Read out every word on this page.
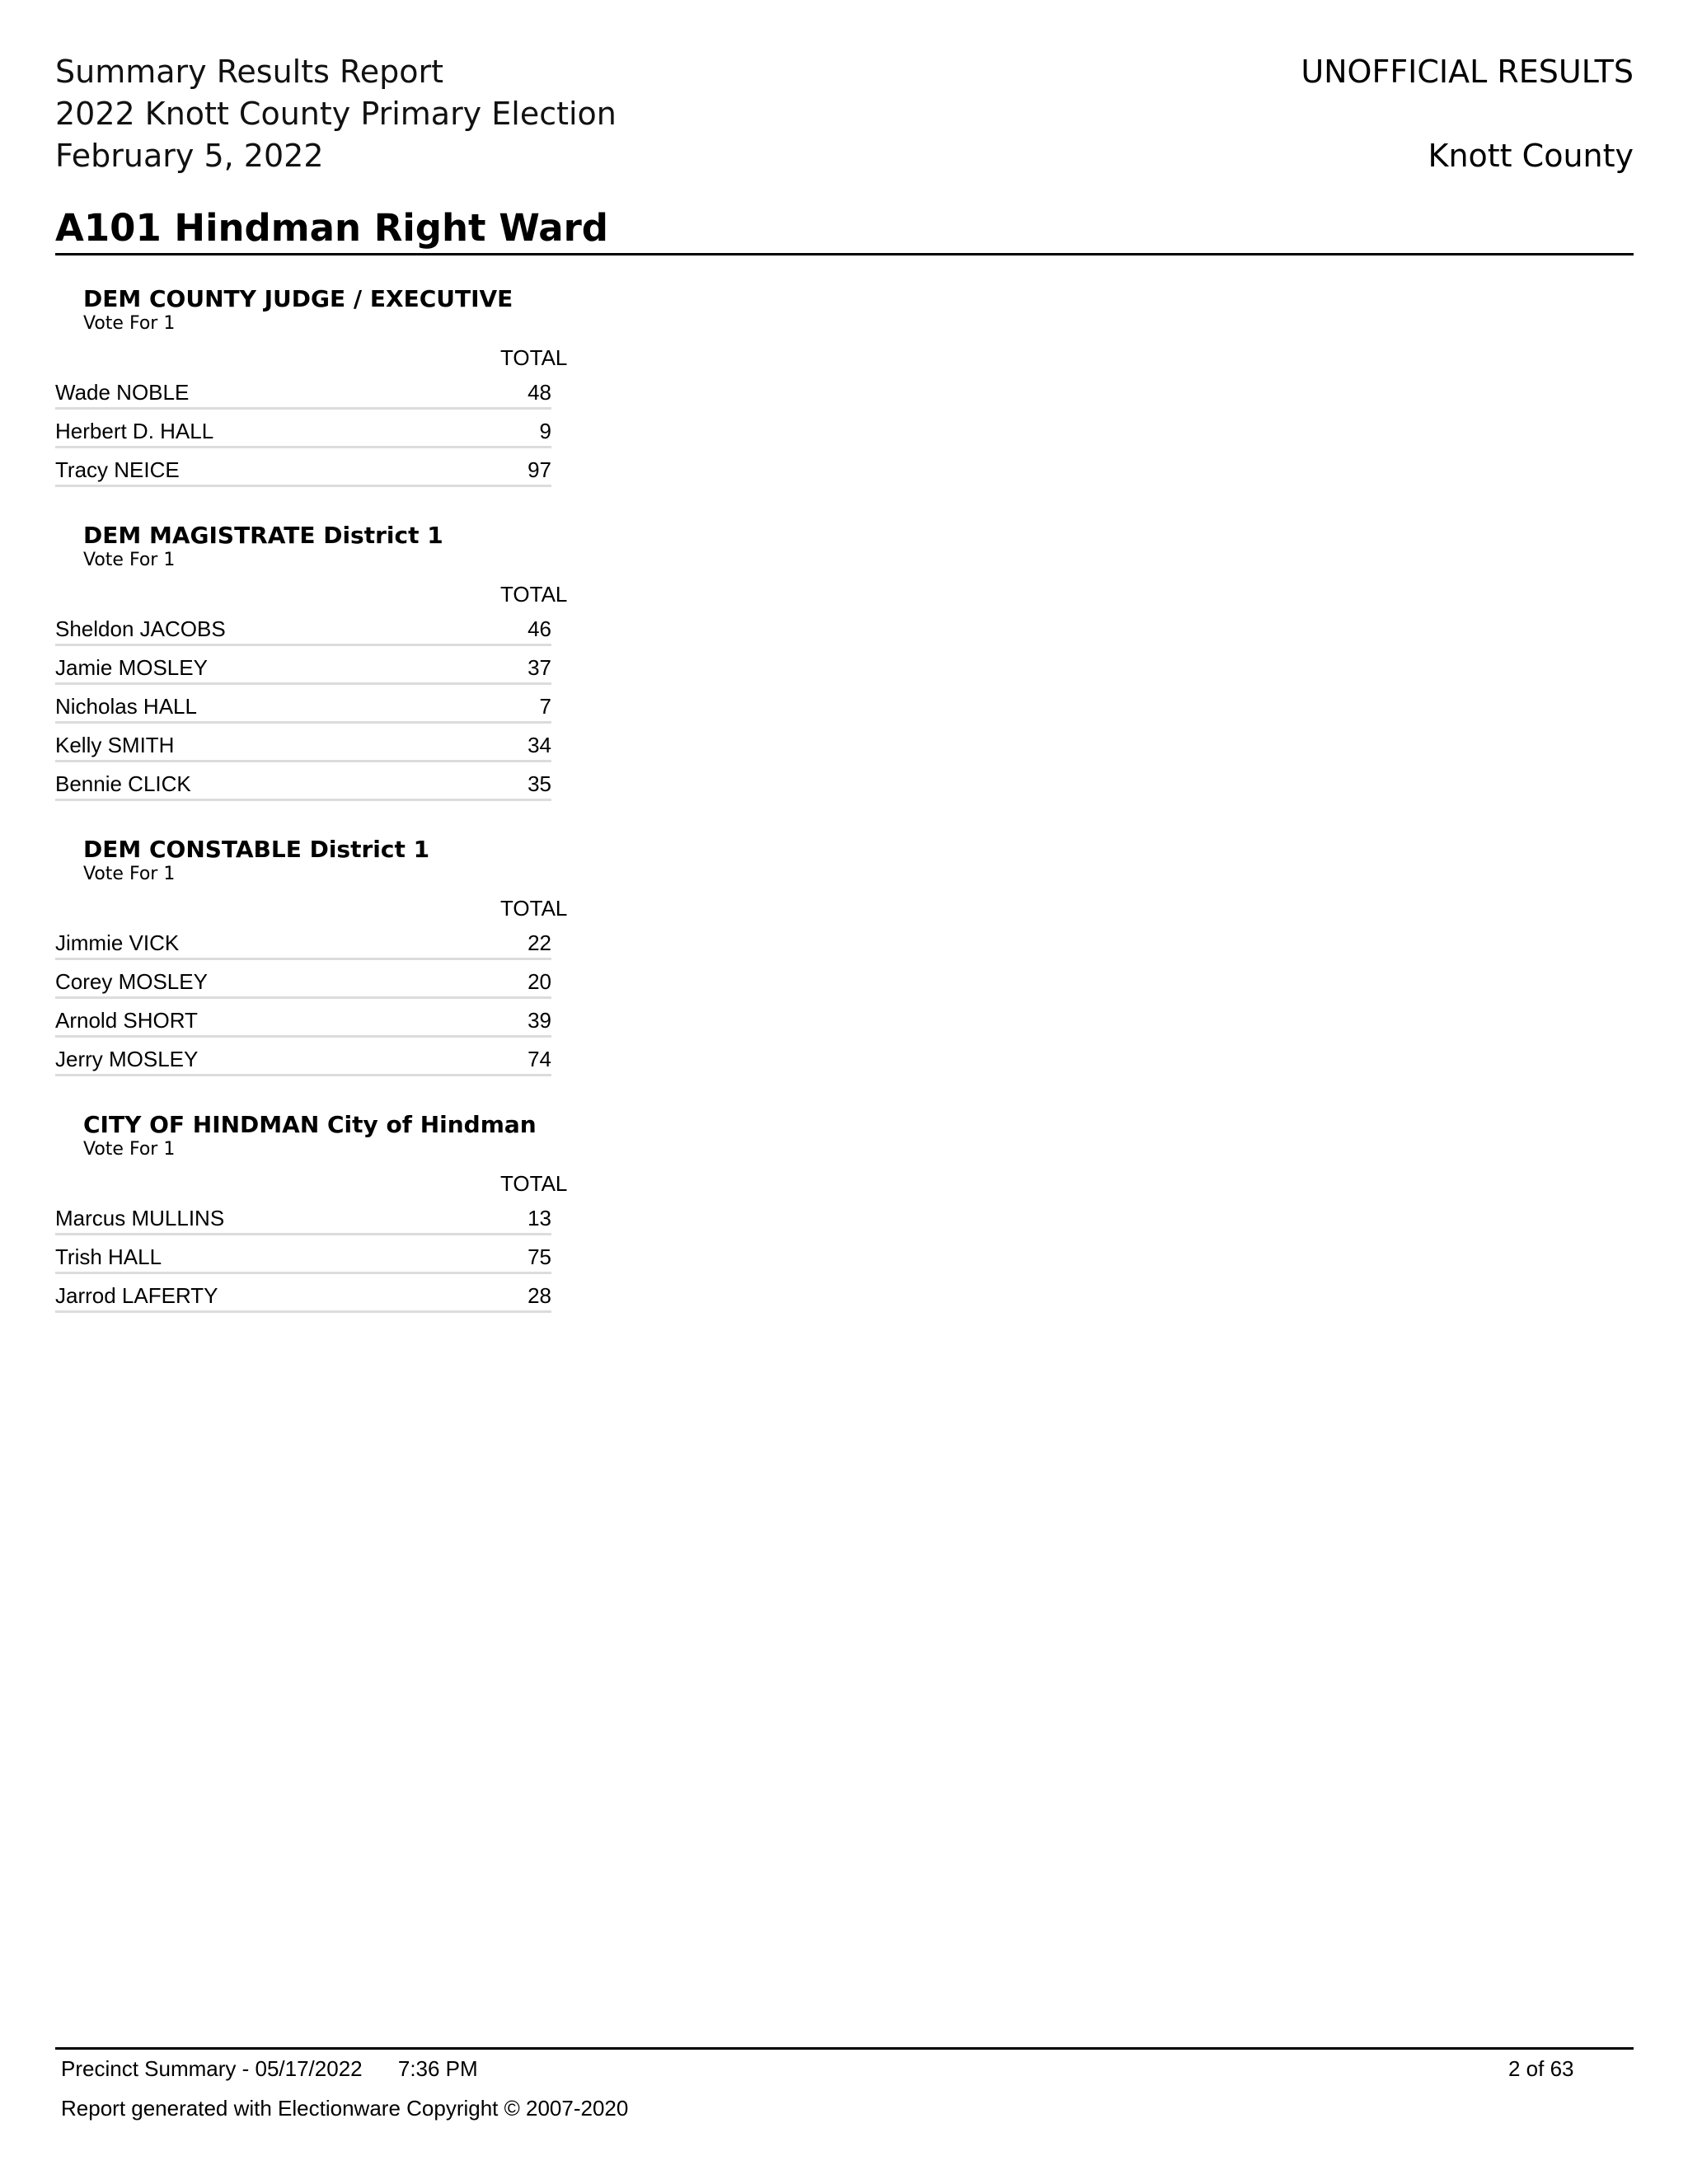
Summary Results Report
2022 Knott County Primary Election
February 5, 2022
UNOFFICIAL RESULTS
Knott County
A101 Hindman Right Ward
DEM COUNTY JUDGE / EXECUTIVE
Vote For 1
TOTAL
Wade NOBLE	48
Herbert D. HALL	9
Tracy NEICE	97
DEM MAGISTRATE District 1
Vote For 1
TOTAL
Sheldon JACOBS	46
Jamie MOSLEY	37
Nicholas HALL	7
Kelly SMITH	34
Bennie CLICK	35
DEM CONSTABLE District 1
Vote For 1
TOTAL
Jimmie VICK	22
Corey MOSLEY	20
Arnold SHORT	39
Jerry MOSLEY	74
CITY OF HINDMAN City of Hindman
Vote For 1
TOTAL
Marcus MULLINS	13
Trish HALL	75
Jarrod LAFERTY	28
Precinct Summary - 05/17/2022 7:36 PM	2 of 63
Report generated with Electionware Copyright © 2007-2020
